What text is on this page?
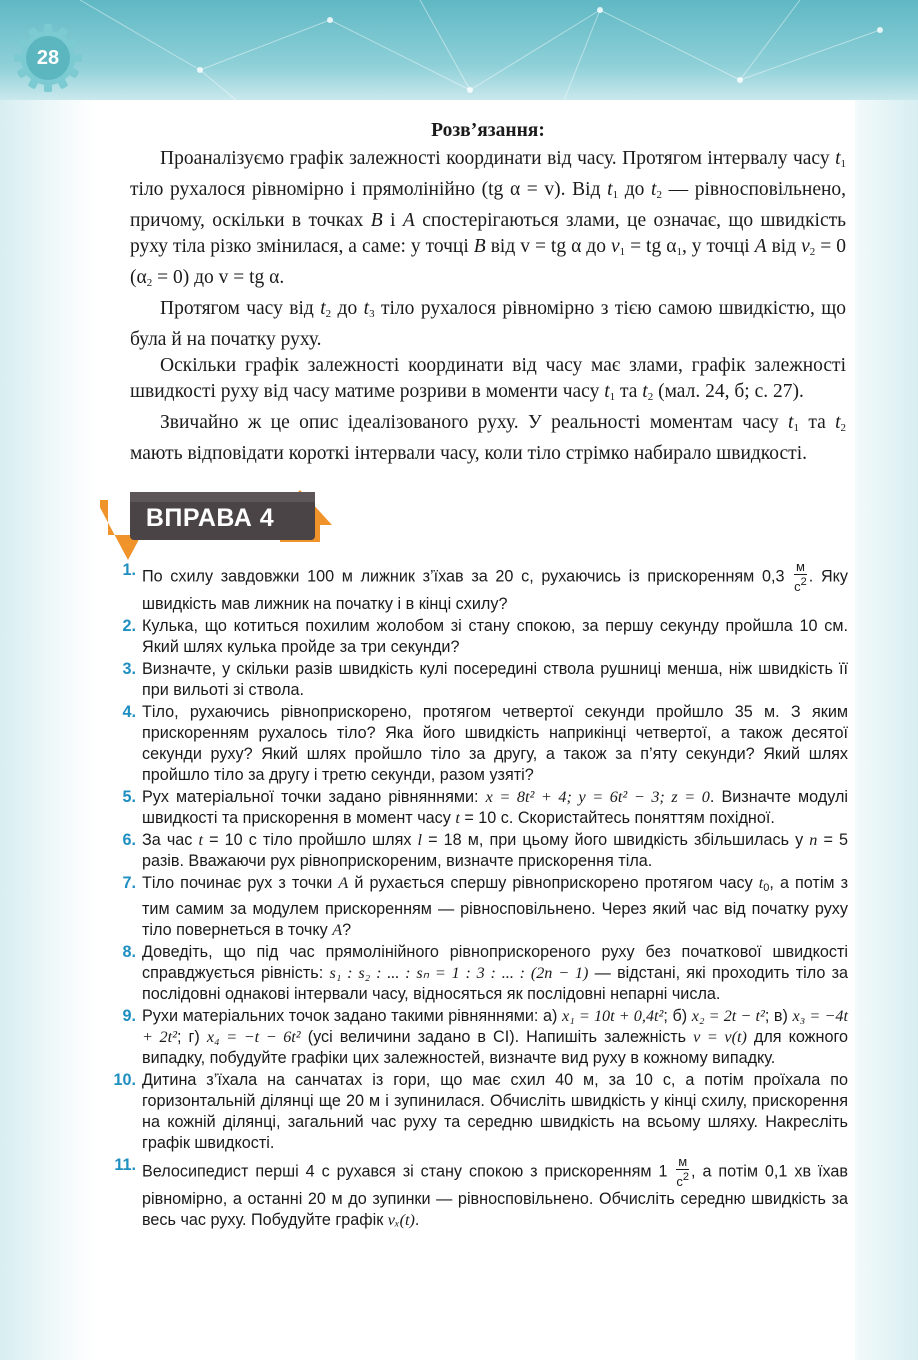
28
Розв’язання:

Проаналізуємо графік залежності координати від часу. Протягом інтервалу часу $t_1$ тіло рухалося рівномірно і прямолінійно (tg α = v). Від $t_1$ до $t_2$ — рівносповільнено, причому, оскільки в точках B і A спостерігаються злами, це означає, що швидкість руху тіла різко змінилася, а саме: у точці B від v = tg α до $v_1$ = tg $\alpha_1$, у точці A від $v_2 = 0$ $(\alpha_2 = 0)$ до v = tg α.

Протягом часу від $t_2$ до $t_3$ тіло рухалося рівномірно з тією самою швидкістю, що була й на початку руху.

Оскільки графік залежності координати від часу має злами, графік залежності швидкості руху від часу матиме розриви в моменти часу $t_1$ та $t_2$ (мал. 24, б; с. 27).

Звичайно ж це опис ідеалізованого руху. У реальності моментам часу $t_1$ та $t_2$ мають відповідати короткі інтервали часу, коли тіло стрімко набирало швидкості.

ВПРАВА 4
1. По схилу завдовжки 100 м лижник з’їхав за 20 с, рухаючись із прискоренням $0,3 \frac{м}{с^2}$ . Яку швидкість мав лижник на початку і в кінці схилу?
2. Кулька, що котиться похилим жолобом зі стану спокою, за першу секунду пройшла 10 см. Який шлях кулька пройде за три секунди?
3. Визначте, у скільки разів швидкість кулі посередині ствола рушниці менша, ніж швидкість її при вильоті зі ствола.
4. Тіло, рухаючись рівноприскорено, протягом четвертої секунди пройшло 35 м. З яким прискоренням рухалось тіло? Яка його швидкість наприкінці четвертої, а також десятої секунди руху? Який шлях пройшло тіло за другу, а також за п’яту секунди? Який шлях пройшло тіло за другу і третю секунди, разом узяті?
5. Рух матеріальної точки задано рівняннями: x = 8t² + 4; y = 6t² − 3; z = 0. Визначте модулі швидкості та прискорення в момент часу t = 10 с. Скористайтесь поняттям похідної.
6. За час t = 10 с тіло пройшло шлях l = 18 м, при цьому його швидкість збільшилась у n = 5 разів. Вважаючи рух рівноприскореним, визначте прискорення тіла.
7. Тіло починає рух з точки A й рухається спершу рівноприскорено протягом часу $t_0$, а потім з тим самим за модулем прискоренням — рівносповільнено. Через який час від початку руху тіло повернеться в точку A?
8. Доведіть, що під час прямолінійного рівноприскореного руху без початкової швидкості справджується рівність: s₁ : s₂ : ... : sₙ = 1 : 3 : ... : (2n − 1) — відстані, які проходить тіло за послідовні однакові інтервали часу, відносяться як послідовні непарні числа.
9. Рухи матеріальних точок задано такими рівняннями: а) x₁ = 10t + 0,4t²; б) x₂ = 2t − t²; в) x₃ = −4t + 2t²; г) x₄ = −t − 6t² (усі величини задано в СІ). Напишіть залежність v = v(t) для кожного випадку, побудуйте графіки цих залежностей, визначте вид руху в кожному випадку.
10. Дитина з’їхала на санчатах із гори, що має схил 40 м, за 10 с, а потім проїхала по горизонтальній ділянці ще 20 м і зупинилася. Обчисліть швидкість у кінці схилу, прискорення на кожній ділянці, загальний час руху та середню швидкість на всьому шляху. Накресліть графік швидкості.
11. Велосипедист перші 4 с рухався зі стану спокою з прискоренням $1 \frac{м}{с^2}$ , а потім 0,1 хв їхав рівномірно, а останні 20 м до зупинки — рівносповільнено. Обчисліть середню швидкість за весь час руху. Побудуйте графік vₓ(t).
